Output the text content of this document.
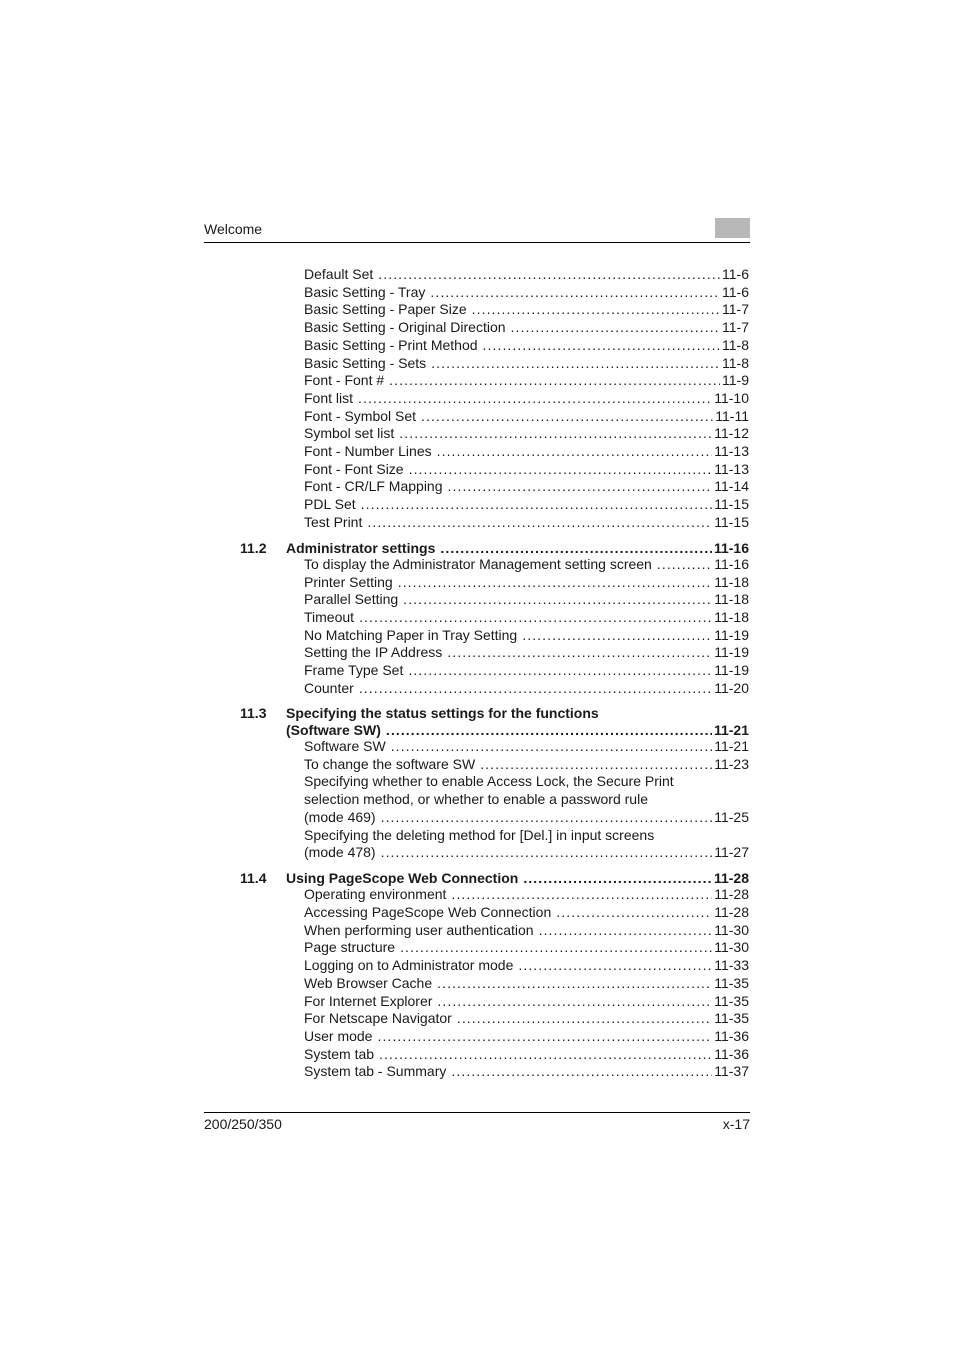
Welcome
Default Set . . .	11-6
Basic Setting - Tray . . .	11-6
Basic Setting - Paper Size . . .	11-7
Basic Setting - Original Direction . . .	11-7
Basic Setting - Print Method . . .	11-8
Basic Setting - Sets . . .	11-8
Font - Font # . . .	11-9
Font list . . .	11-10
Font - Symbol Set . . .	11-11
Symbol set list . . .	11-12
Font - Number Lines . . .	11-13
Font - Font Size . . .	11-13
Font - CR/LF Mapping . . .	11-14
PDL Set . . .	11-15
Test Print . . .	11-15
11.2 Administrator settings . . .	11-16
To display the Administrator Management setting screen . . .	11-16
Printer Setting . . .	11-18
Parallel Setting . . .	11-18
Timeout . . .	11-18
No Matching Paper in Tray Setting . . .	11-19
Setting the IP Address . . .	11-19
Frame Type Set . . .	11-19
Counter . . .	11-20
11.3 Specifying the status settings for the functions
(Software SW) . . .	11-21
Software SW . . .	11-21
To change the software SW . . .	11-23
Specifying whether to enable Access Lock, the Secure Print
selection method, or whether to enable a password rule
(mode 469) . . .	11-25
Specifying the deleting method for [Del.] in input screens
(mode 478) . . .	11-27
11.4 Using PageScope Web Connection . . .	11-28
Operating environment . . .	11-28
Accessing PageScope Web Connection . . .	11-28
When performing user authentication . . .	11-30
Page structure . . .	11-30
Logging on to Administrator mode . . .	11-33
Web Browser Cache . . .	11-35
For Internet Explorer . . .	11-35
For Netscape Navigator . . .	11-35
User mode . . .	11-36
System tab . . .	11-36
System tab - Summary . . .	11-37
200/250/350	x-17
